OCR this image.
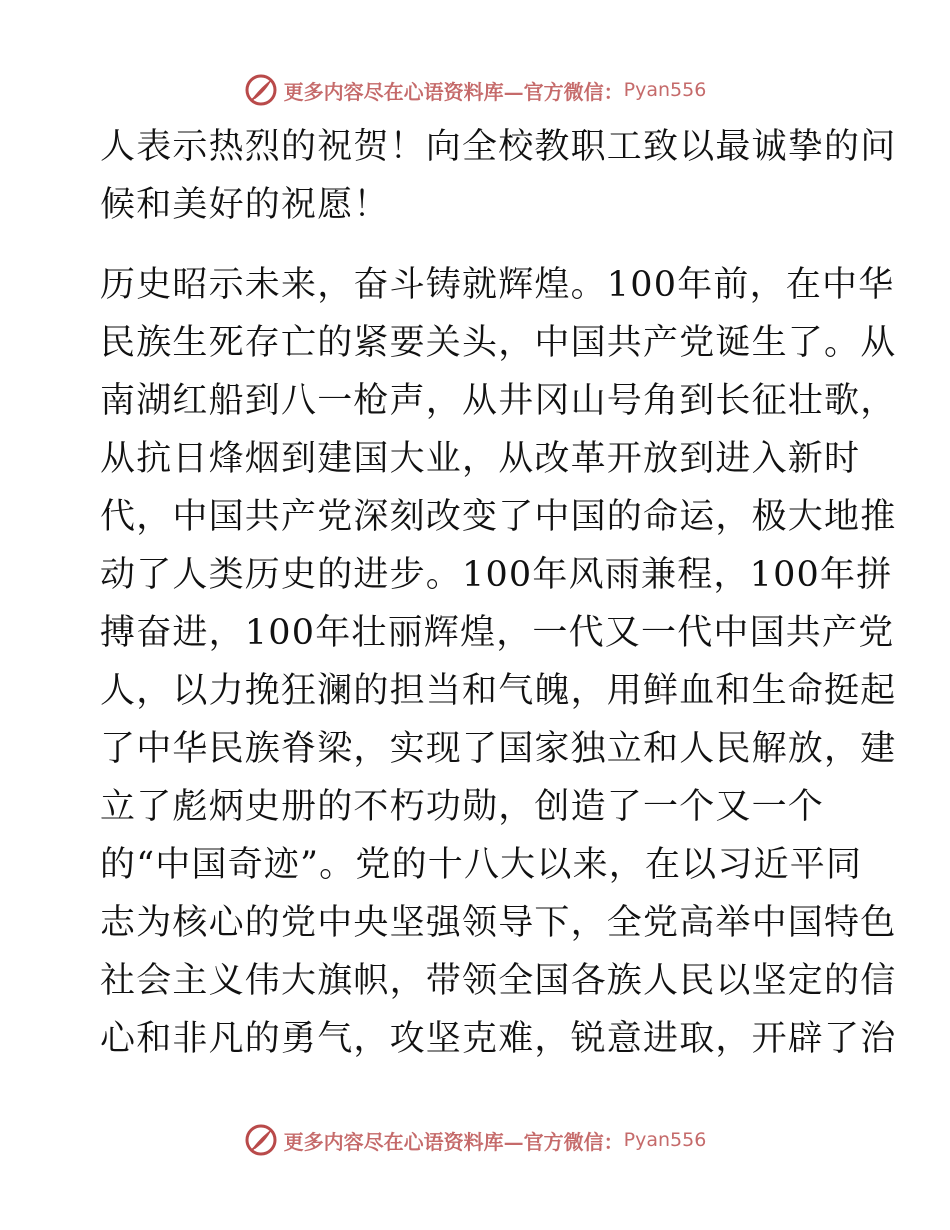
更多内容尽在心语资料库—官方微信： Pyan556
人表示热烈的祝贺！向全校教职工致以最诚挚的问
候和美好的祝愿！
历史昭示未来，奋斗铸就辉煌。100年前，在中华
民族生死存亡的紧要关头，中国共产党诞生了。从
南湖红船到八一枪声，从井冈山号角到长征壮歌，
从抗日烽烟到建国大业，从改革开放到进入新时
代，中国共产党深刻改变了中国的命运，极大地推
动了人类历史的进步。100年风雨兼程，100年拼
搏奋进，100年壮丽辉煌，一代又一代中国共产党
人，以力挽狂澜的担当和气魄，用鲜血和生命挺起
了中华民族脊梁，实现了国家独立和人民解放，建
立了彪炳史册的不朽功勋，创造了一个又一个
的“中国奇迹”。党的十八大以来，在以习近平同
志为核心的党中央坚强领导下，全党高举中国特色
社会主义伟大旗帜，带领全国各族人民以坚定的信
心和非凡的勇气，攻坚克难，锐意进取，开辟了治
更多内容尽在心语资料库—官方微信： Pyan556
